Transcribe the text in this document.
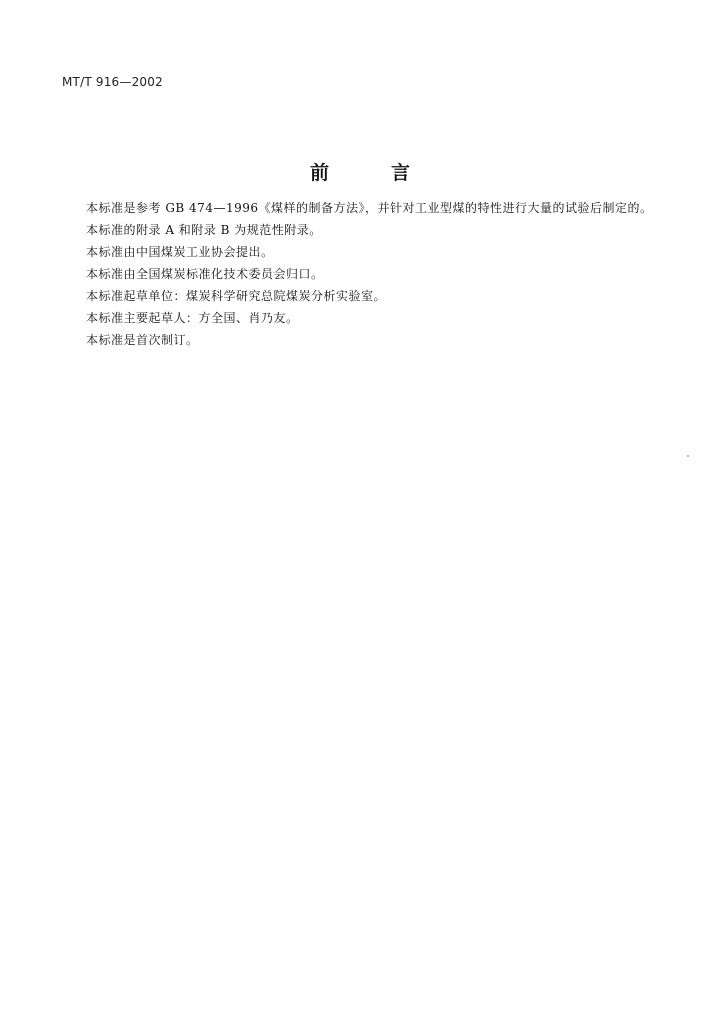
MT/T 916—2002
前	言

本标准是参考 GB 474—1996《煤样的制备方法》，并针对工业型煤的特性进行大量的试验后制定的。

本标准的附录 A 和附录 B 为规范性附录。

本标准由中国煤炭工业协会提出。

本标准由全国煤炭标准化技术委员会归口。

本标准起草单位：煤炭科学研究总院煤炭分析实验室。

本标准主要起草人：方全国、肖乃友。

本标准是首次制订。
